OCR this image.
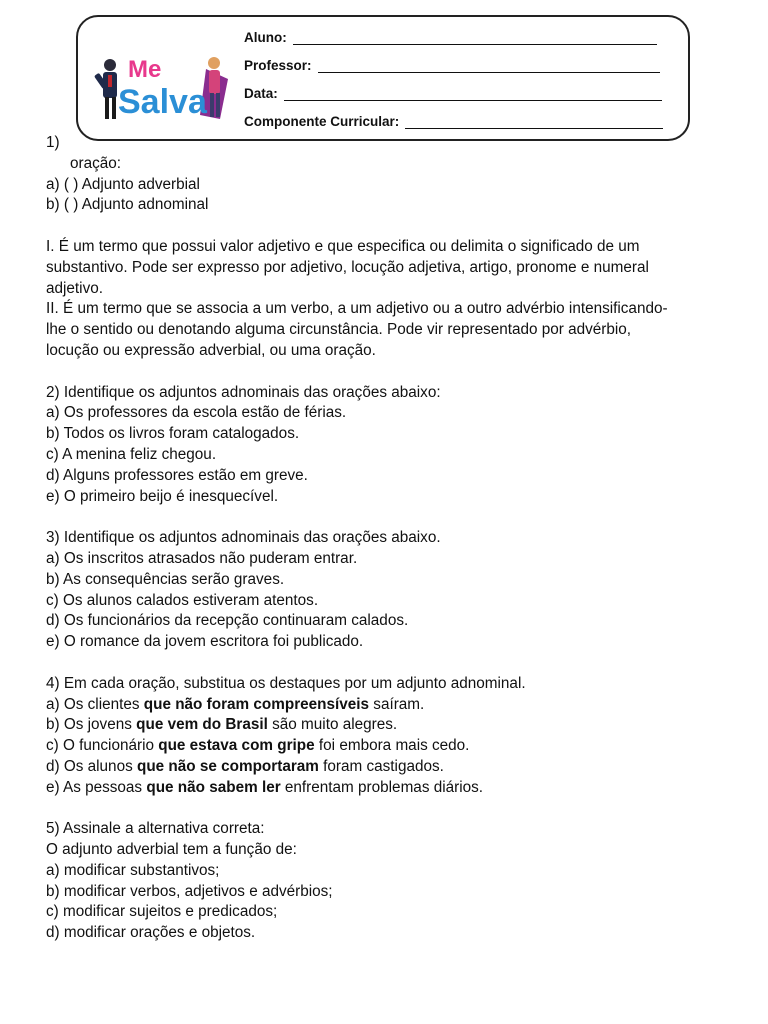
Me
Salva
Aluno:
Professor:
Data:
Componente Curricular:

1)

oração:

a) ( ) Adjunto adverbial

b) ( ) Adjunto adnominal

I. É um termo que possui valor adjetivo e que especifica ou delimita o significado de um

substantivo. Pode ser expresso por adjetivo, locução adjetiva, artigo, pronome e numeral

adjetivo.

II. É um termo que se associa a um verbo, a um adjetivo ou a outro advérbio intensificando-

lhe o sentido ou denotando alguma circunstância. Pode vir representado por advérbio,

locução ou expressão adverbial, ou uma oração.

2) Identifique os adjuntos adnominais das orações abaixo:

a) Os professores da escola estão de férias.

b) Todos os livros foram catalogados.

c) A menina feliz chegou.

d) Alguns professores estão em greve.

e) O primeiro beijo é inesquecível.

3) Identifique os adjuntos adnominais das orações abaixo.

a) Os inscritos atrasados não puderam entrar.

b) As consequências serão graves.

c) Os alunos calados estiveram atentos.

d) Os funcionários da recepção continuaram calados.

e) O romance da jovem escritora foi publicado.

4) Em cada oração, substitua os destaques por um adjunto adnominal.

a) Os clientes que não foram compreensíveis saíram.

b) Os jovens que vem do Brasil são muito alegres.

c) O funcionário que estava com gripe foi embora mais cedo.

d) Os alunos que não se comportaram foram castigados.

e) As pessoas que não sabem ler enfrentam problemas diários.

5) Assinale a alternativa correta:

O adjunto adverbial tem a função de:

a) modificar substantivos;

b) modificar verbos, adjetivos e advérbios;

c) modificar sujeitos e predicados;

d) modificar orações e objetos.
